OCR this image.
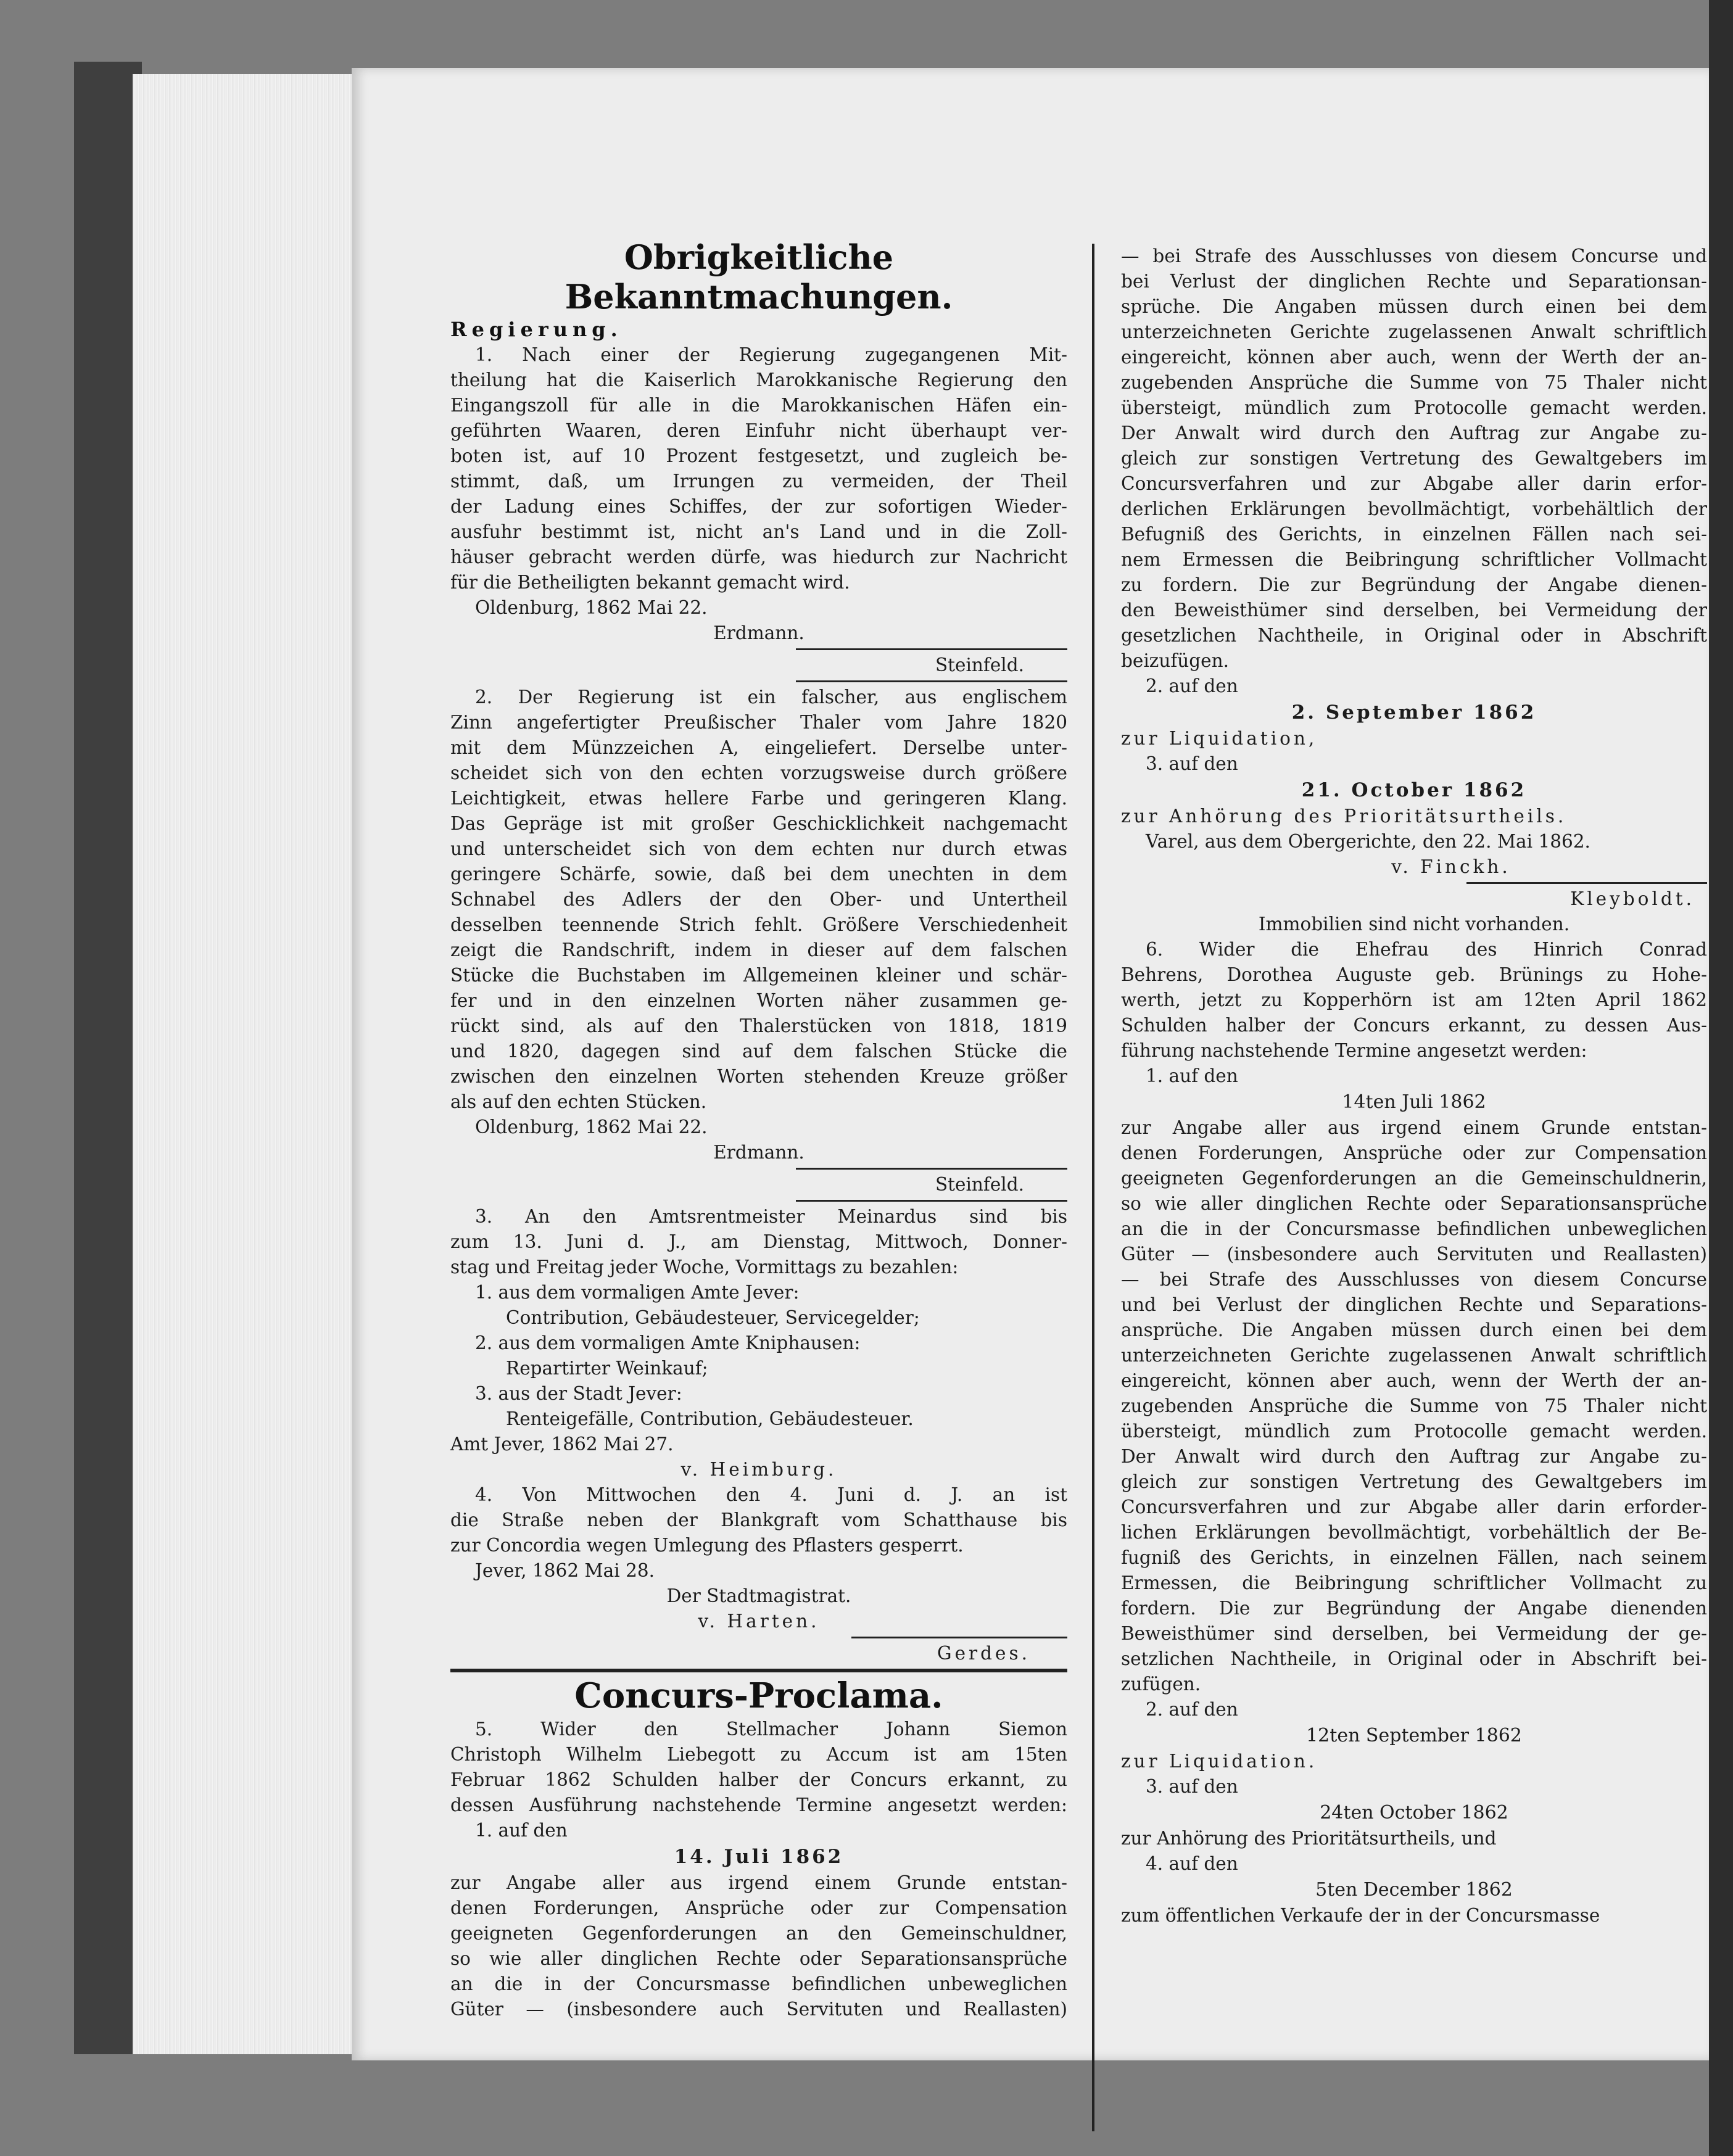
Obrigkeitliche Bekanntmachungen.

Regierung.

1. Nach einer der Regierung zugegangenen Mit-

theilung hat die Kaiserlich Marokkanische Regierung den

Eingangszoll für alle in die Marokkanischen Häfen ein-

geführten Waaren, deren Einfuhr nicht überhaupt ver-

boten ist, auf 10 Prozent festgesetzt, und zugleich be-

stimmt, daß, um Irrungen zu vermeiden, der Theil

der Ladung eines Schiffes, der zur sofortigen Wieder-

ausfuhr bestimmt ist, nicht an's Land und in die Zoll-

häuser gebracht werden dürfe, was hiedurch zur Nachricht

für die Betheiligten bekannt gemacht wird.

Oldenburg, 1862 Mai 22.

Erdmann.

Steinfeld.

2. Der Regierung ist ein falscher, aus englischem

Zinn angefertigter Preußischer Thaler vom Jahre 1820

mit dem Münzzeichen A, eingeliefert. Derselbe unter-

scheidet sich von den echten vorzugsweise durch größere

Leichtigkeit, etwas hellere Farbe und geringeren Klang.

Das Gepräge ist mit großer Geschicklichkeit nachgemacht

und unterscheidet sich von dem echten nur durch etwas

geringere Schärfe, sowie, daß bei dem unechten in dem

Schnabel des Adlers der den Ober- und Untertheil

desselben teennende Strich fehlt. Größere Verschiedenheit

zeigt die Randschrift, indem in dieser auf dem falschen

Stücke die Buchstaben im Allgemeinen kleiner und schär-

fer und in den einzelnen Worten näher zusammen ge-

rückt sind, als auf den Thalerstücken von 1818, 1819

und 1820, dagegen sind auf dem falschen Stücke die

zwischen den einzelnen Worten stehenden Kreuze größer

als auf den echten Stücken.

Oldenburg, 1862 Mai 22.

Erdmann.

Steinfeld.

3. An den Amtsrentmeister Meinardus sind bis

zum 13. Juni d. J., am Dienstag, Mittwoch, Donner-

stag und Freitag jeder Woche, Vormittags zu bezahlen:

1. aus dem vormaligen Amte Jever:

Contribution, Gebäudesteuer, Servicegelder;

2. aus dem vormaligen Amte Kniphausen:

Repartirter Weinkauf;

3. aus der Stadt Jever:

Renteigefälle, Contribution, Gebäudesteuer.

Amt Jever, 1862 Mai 27.

v. Heimburg.

4. Von Mittwochen den 4. Juni d. J. an ist

die Straße neben der Blankgraft vom Schatthause bis

zur Concordia wegen Umlegung des Pflasters gesperrt.

Jever, 1862 Mai 28.

Der Stadtmagistrat.

v. Harten.

Gerdes.

Concurs-Proclama.

5. Wider den Stellmacher Johann Siemon

Christoph Wilhelm Liebegott zu Accum ist am 15ten

Februar 1862 Schulden halber der Concurs erkannt, zu

dessen Ausführung nachstehende Termine angesetzt werden:

1. auf den

14. Juli 1862

zur Angabe aller aus irgend einem Grunde entstan-

denen Forderungen, Ansprüche oder zur Compensation

geeigneten Gegenforderungen an den Gemeinschuldner,

so wie aller dinglichen Rechte oder Separationsansprüche

an die in der Concursmasse befindlichen unbeweglichen

Güter — (insbesondere auch Servituten und Reallasten)

— bei Strafe des Ausschlusses von diesem Concurse und

bei Verlust der dinglichen Rechte und Separationsan-

sprüche. Die Angaben müssen durch einen bei dem

unterzeichneten Gerichte zugelassenen Anwalt schriftlich

eingereicht, können aber auch, wenn der Werth der an-

zugebenden Ansprüche die Summe von 75 Thaler nicht

übersteigt, mündlich zum Protocolle gemacht werden.

Der Anwalt wird durch den Auftrag zur Angabe zu-

gleich zur sonstigen Vertretung des Gewaltgebers im

Concursverfahren und zur Abgabe aller darin erfor-

derlichen Erklärungen bevollmächtigt, vorbehältlich der

Befugniß des Gerichts, in einzelnen Fällen nach sei-

nem Ermessen die Beibringung schriftlicher Vollmacht

zu fordern. Die zur Begründung der Angabe dienen-

den Beweisthümer sind derselben, bei Vermeidung der

gesetzlichen Nachtheile, in Original oder in Abschrift

beizufügen.

2. auf den

2. September 1862

zur Liquidation,

3. auf den

21. October 1862

zur Anhörung des Prioritätsurtheils.

Varel, aus dem Obergerichte, den 22. Mai 1862.

v. Finckh.

Kleyboldt.

Immobilien sind nicht vorhanden.

6. Wider die Ehefrau des Hinrich Conrad

Behrens, Dorothea Auguste geb. Brünings zu Hohe-

werth, jetzt zu Kopperhörn ist am 12ten April 1862

Schulden halber der Concurs erkannt, zu dessen Aus-

führung nachstehende Termine angesetzt werden:

1. auf den

14ten Juli 1862

zur Angabe aller aus irgend einem Grunde entstan-

denen Forderungen, Ansprüche oder zur Compensation

geeigneten Gegenforderungen an die Gemeinschuldnerin,

so wie aller dinglichen Rechte oder Separationsansprüche

an die in der Concursmasse befindlichen unbeweglichen

Güter — (insbesondere auch Servituten und Reallasten)

— bei Strafe des Ausschlusses von diesem Concurse

und bei Verlust der dinglichen Rechte und Separations-

ansprüche. Die Angaben müssen durch einen bei dem

unterzeichneten Gerichte zugelassenen Anwalt schriftlich

eingereicht, können aber auch, wenn der Werth der an-

zugebenden Ansprüche die Summe von 75 Thaler nicht

übersteigt, mündlich zum Protocolle gemacht werden.

Der Anwalt wird durch den Auftrag zur Angabe zu-

gleich zur sonstigen Vertretung des Gewaltgebers im

Concursverfahren und zur Abgabe aller darin erforder-

lichen Erklärungen bevollmächtigt, vorbehältlich der Be-

fugniß des Gerichts, in einzelnen Fällen, nach seinem

Ermessen, die Beibringung schriftlicher Vollmacht zu

fordern. Die zur Begründung der Angabe dienenden

Beweisthümer sind derselben, bei Vermeidung der ge-

setzlichen Nachtheile, in Original oder in Abschrift bei-

zufügen.

2. auf den

12ten September 1862

zur Liquidation.

3. auf den

24ten October 1862

zur Anhörung des Prioritätsurtheils, und

4. auf den

5ten December 1862

zum öffentlichen Verkaufe der in der Concursmasse
